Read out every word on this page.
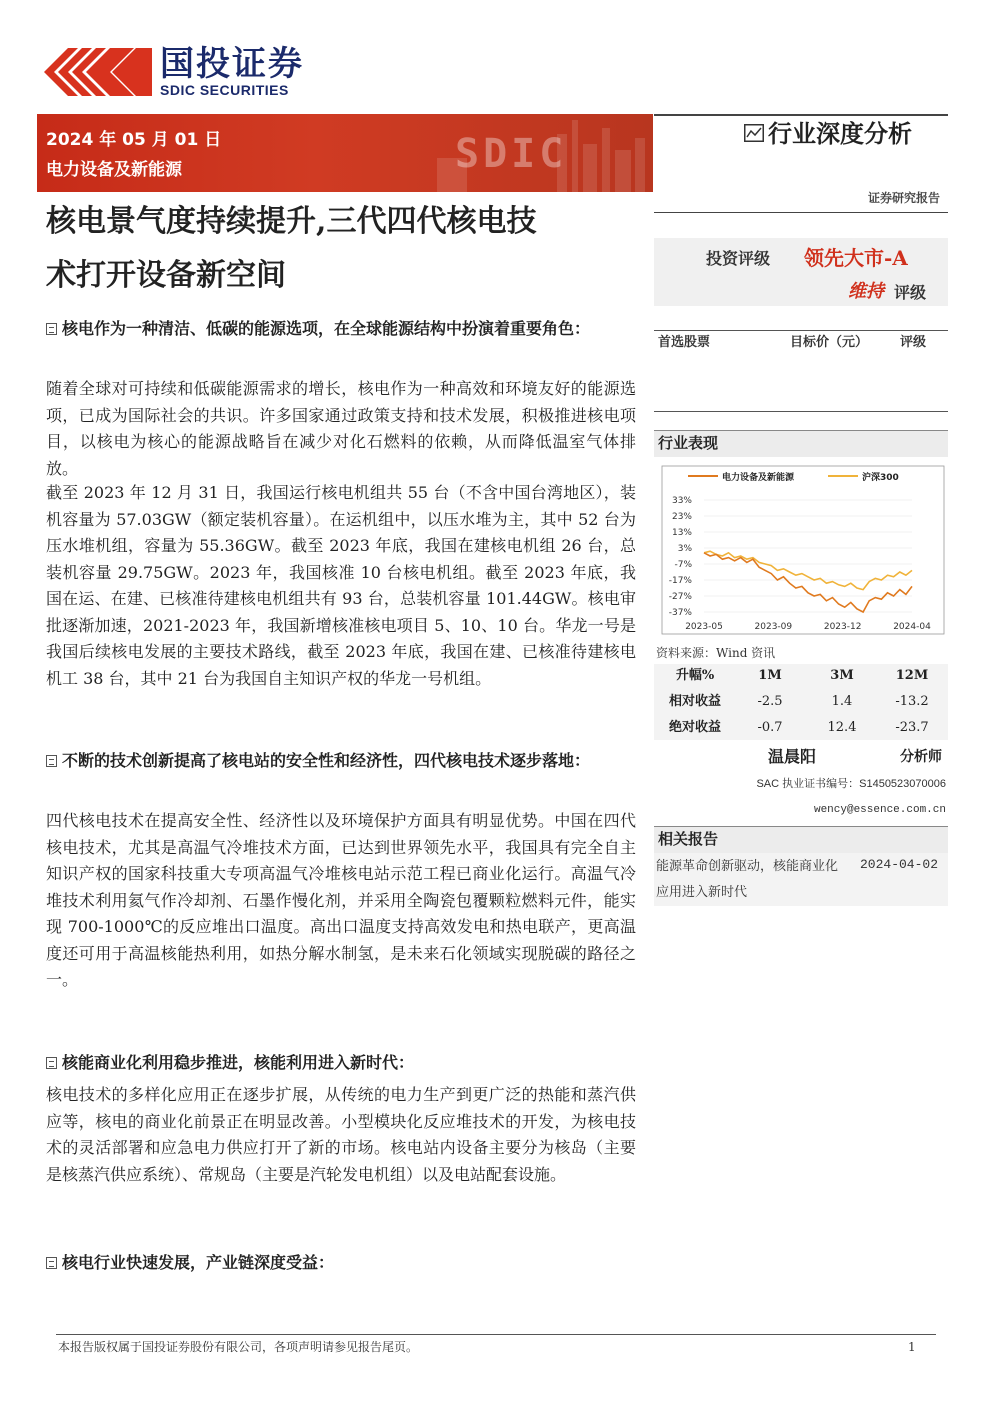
国投证券
SDIC SECURITIES
2024 年 05 月 01 日
电力设备及新能源	SDIC	行业深度分析
证券研究报告
核电景气度持续提升,三代四代核电技
术打开设备新空间	投资评级 领先大市-A
维持 评级
首选股票	目标价（元） 评级
行业表现
电力设备及新能源	沪深300
33%
23%
13%
3%
-7%
-17%
-27%
-37%
2023-05	2023-09	2023-12	2024-04
资料来源：Wind 资讯
升幅%	1M	3M	12M
相对收益	-2.5	1.4	-13.2
绝对收益	-0.7	12.4	-23.7
温晨阳	分析师
SAC 执业证书编号：S1450523070006
wency@essence.com.cn
相关报告
能源革命创新驱动，核能商业化应用进入新时代
2024-04-02
核电作为一种清洁、低碳的能源选项，在全球能源结构中扮演着重要角色：
随着全球对可持续和低碳能源需求的增长，核电作为一种高效和环境友好的能源选项，已成为国际社会的共识。许多国家通过政策支持和技术发展，积极推进核电项目，以核电为核心的能源战略旨在减少对化石燃料的依赖，从而降低温室气体排放。
截至 2023 年 12 月 31 日，我国运行核电机组共 55 台（不含中国台湾地区），装机容量为 57.03GW（额定装机容量）。在运机组中，以压水堆为主，其中 52 台为压水堆机组，容量为 55.36GW。截至 2023 年底，我国在建核电机组 26 台，总装机容量 29.75GW。2023 年，我国核准 10 台核电机组。截至 2023 年底，我国在运、在建、已核准待建核电机组共有 93 台，总装机容量 101.44GW。核电审批逐渐加速，2021-2023 年，我国新增核准核电项目 5、10、10 台。华龙一号是我国后续核电发展的主要技术路线，截至 2023 年底，我国在建、已核准待建核电机工 38 台，其中 21 台为我国自主知识产权的华龙一号机组。
不断的技术创新提高了核电站的安全性和经济性，四代核电技术逐步落地：
四代核电技术在提高安全性、经济性以及环境保护方面具有明显优势。中国在四代核电技术，尤其是高温气冷堆技术方面，已达到世界领先水平，我国具有完全自主知识产权的国家科技重大专项高温气冷堆核电站示范工程已商业化运行。高温气冷堆技术利用氦气作冷却剂、石墨作慢化剂，并采用全陶瓷包覆颗粒燃料元件，能实现 700-1000℃的反应堆出口温度。高出口温度支持高效发电和热电联产，更高温度还可用于高温核能热利用，如热分解水制氢，是未来石化领域实现脱碳的路径之一。
核能商业化利用稳步推进，核能利用进入新时代：
核电技术的多样化应用正在逐步扩展，从传统的电力生产到更广泛的热能和蒸汽供应等，核电的商业化前景正在明显改善。小型模块化反应堆技术的开发，为核电技术的灵活部署和应急电力供应打开了新的市场。核电站内设备主要分为核岛（主要是核蒸汽供应系统）、常规岛（主要是汽轮发电机组）以及电站配套设施。
核电行业快速发展，产业链深度受益：
本报告版权属于国投证券股份有限公司，各项声明请参见报告尾页。	1
